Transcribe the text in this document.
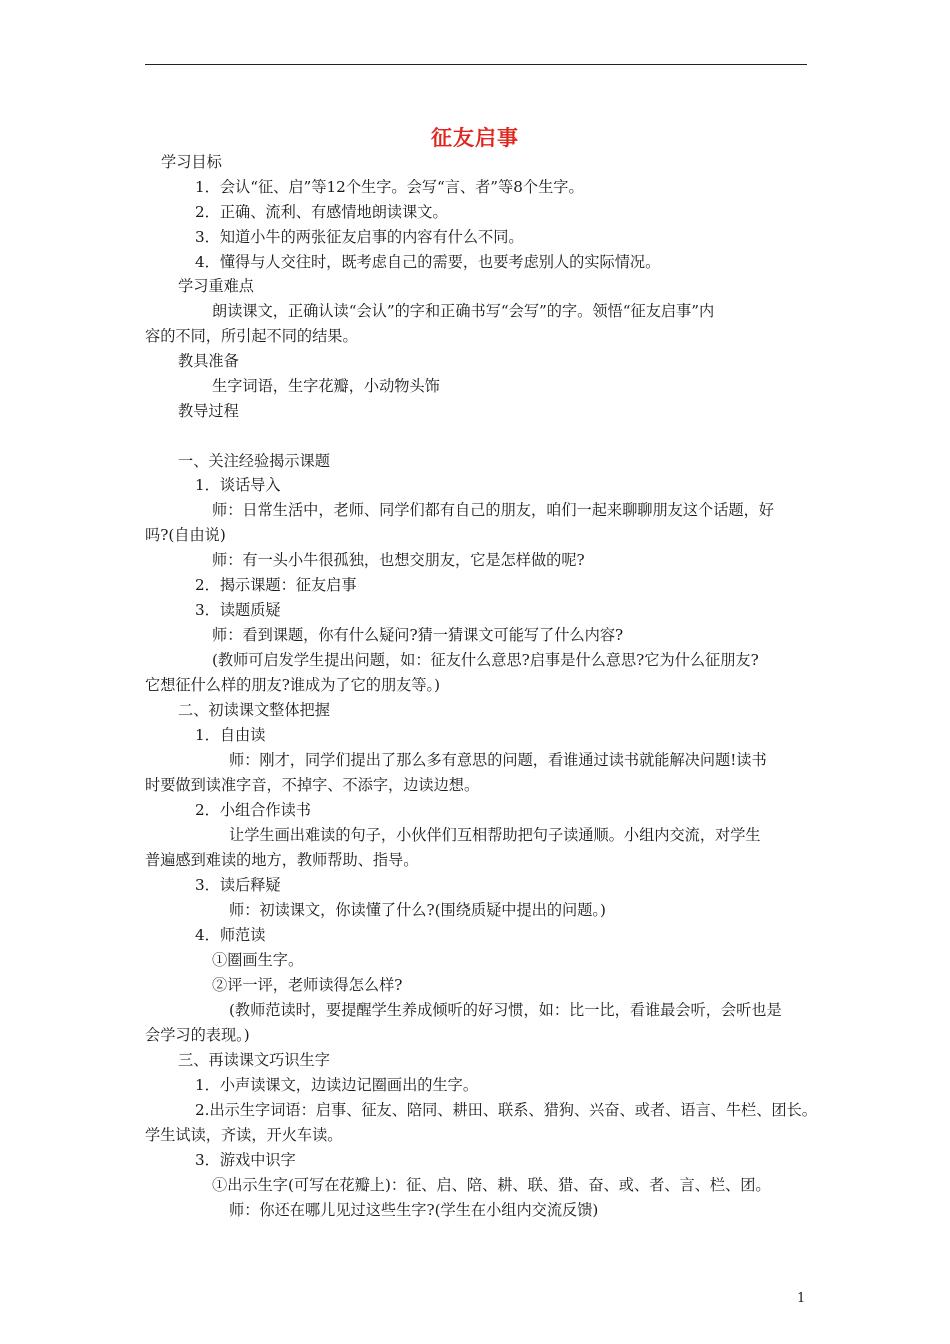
征友启事
学习目标
1．会认“征、启”等12个生字。会写“言、者”等8个生字。
2．正确、流利、有感情地朗读课文。
3．知道小牛的两张征友启事的内容有什么不同。
4．懂得与人交往时，既考虑自己的需要，也要考虑别人的实际情况。
学习重难点
朗读课文，正确认读“会认”的字和正确书写“会写”的字。领悟“征友启事”内
容的不同，所引起不同的结果。
教具准备
生字词语，生字花瓣，小动物头饰
教导过程
一、关注经验揭示课题
1．谈话导入
师：日常生活中，老师、同学们都有自己的朋友，咱们一起来聊聊朋友这个话题，好
吗?(自由说)
师：有一头小牛很孤独，也想交朋友，它是怎样做的呢?
2．揭示课题：征友启事
3．读题质疑
师：看到课题，你有什么疑问?猜一猜课文可能写了什么内容?
(教师可启发学生提出问题，如：征友什么意思?启事是什么意思?它为什么征朋友?
它想征什么样的朋友?谁成为了它的朋友等。)
二、初读课文整体把握
1．自由读
师：刚才，同学们提出了那么多有意思的问题，看谁通过读书就能解决问题!读书
时要做到读准字音，不掉字、不添字，边读边想。
2．小组合作读书
让学生画出难读的句子，小伙伴们互相帮助把句子读通顺。小组内交流，对学生
普遍感到难读的地方，教师帮助、指导。
3．读后释疑
师：初读课文，你读懂了什么?(围绕质疑中提出的问题。)
4．师范读
①圈画生字。
②评一评，老师读得怎么样?
(教师范读时，要提醒学生养成倾听的好习惯，如：比一比，看谁最会听，会听也是
会学习的表现。)
三、再读课文巧识生字
1．小声读课文，边读边记圈画出的生字。
2.出示生字词语：启事、征友、陪同、耕田、联系、猎狗、兴奋、或者、语言、牛栏、团长。
学生试读，齐读，开火车读。
3．游戏中识字
①出示生字(可写在花瓣上)：征、启、陪、耕、联、猎、奋、或、者、言、栏、团。
师：你还在哪儿见过这些生字?(学生在小组内交流反馈)
1
